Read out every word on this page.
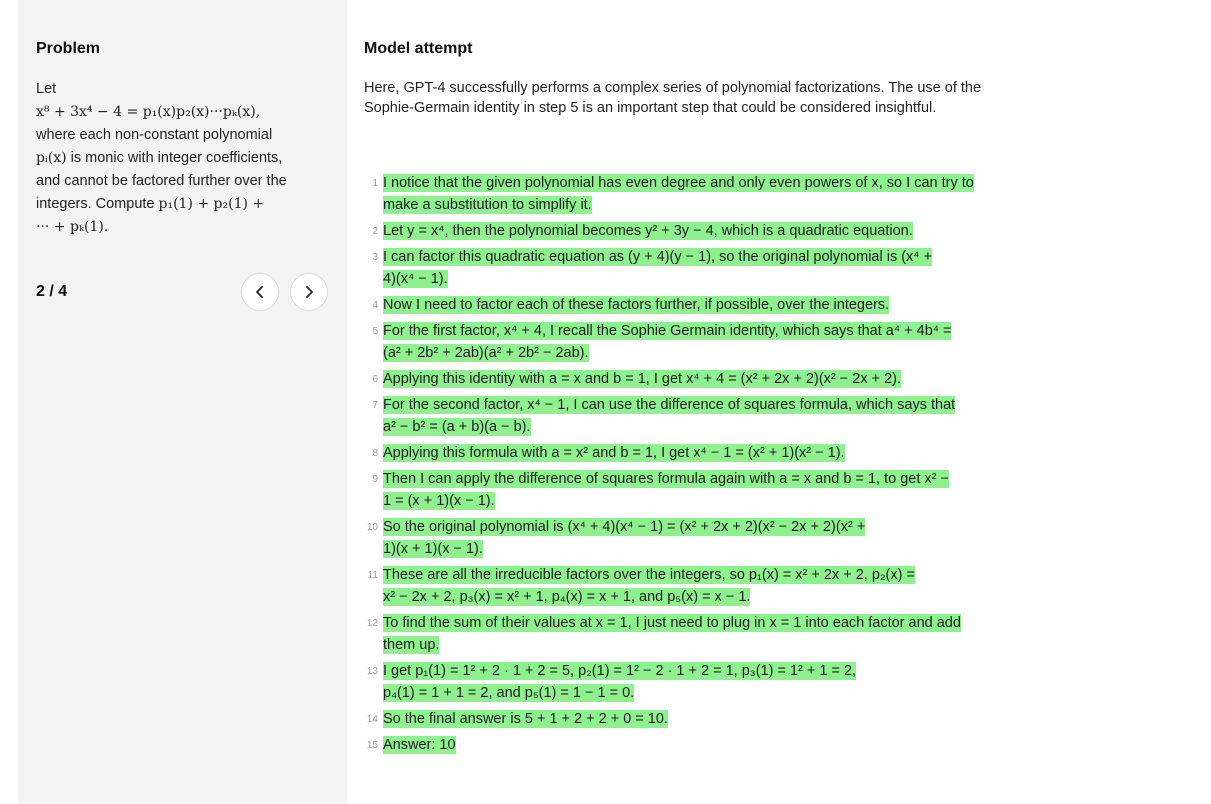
Problem
Let

x⁸ + 3x⁴ − 4 = p₁(x)p₂(x)···pₖ(x),
where each non-constant polynomial
pᵢ(x) is monic with integer coefficients,
and cannot be factored further over the
integers. Compute p₁(1) + p₂(1) +
··· + pₖ(1).
2 / 4
Model attempt
Here, GPT-4 successfully performs a complex series of polynomial factorizations. The use of the
Sophie-Germain identity in step 5 is an important step that could be considered insightful.
1 I notice that the given polynomial has even degree and only even powers of x, so I can try to
make a substitution to simplify it.
2 Let y = x⁴, then the polynomial becomes y² + 3y − 4, which is a quadratic equation.
3 I can factor this quadratic equation as (y + 4)(y − 1), so the original polynomial is (x⁴ +
4)(x⁴ − 1).
4 Now I need to factor each of these factors further, if possible, over the integers.
5 For the first factor, x⁴ + 4, I recall the Sophie Germain identity, which says that a⁴ + 4b⁴ =
(a² + 2b² + 2ab)(a² + 2b² − 2ab).
6 Applying this identity with a = x and b = 1, I get x⁴ + 4 = (x² + 2x + 2)(x² − 2x + 2).
7 For the second factor, x⁴ − 1, I can use the difference of squares formula, which says that
a² − b² = (a + b)(a − b).
8 Applying this formula with a = x² and b = 1, I get x⁴ − 1 = (x² + 1)(x² − 1).
9 Then I can apply the difference of squares formula again with a = x and b = 1, to get x² −
1 = (x + 1)(x − 1).
10 So the original polynomial is (x⁴ + 4)(x⁴ − 1) = (x² + 2x + 2)(x² − 2x + 2)(x² +
1)(x + 1)(x − 1).
11 These are all the irreducible factors over the integers, so p₁(x) = x² + 2x + 2, p₂(x) =
x² − 2x + 2, p₃(x) = x² + 1, p₄(x) = x + 1, and p₅(x) = x − 1.
12 To find the sum of their values at x = 1, I just need to plug in x = 1 into each factor and add
them up.
13 I get p₁(1) = 1² + 2 · 1 + 2 = 5, p₂(1) = 1² − 2 · 1 + 2 = 1, p₃(1) = 1² + 1 = 2,
p₄(1) = 1 + 1 = 2, and p₅(1) = 1 − 1 = 0.
14 So the final answer is 5 + 1 + 2 + 2 + 0 = 10.
15 Answer: 10
